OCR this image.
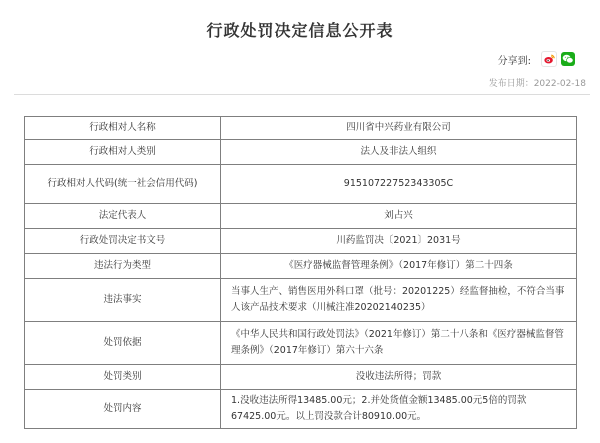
行政处罚决定信息公开表
分享到:
发布日期：2022-02-18
行政相对人名称	四川省中兴药业有限公司
行政相对人类别	法人及非法人组织
行政相对人代码(统一社会信用代码)	91510722752343305C
法定代表人	刘占兴
行政处罚决定书文号	川药监罚决〔2021〕2031号
违法行为类型	《医疗器械监督管理条例》（2017年修订）第二十四条
违法事实	当事人生产、销售医用外科口罩（批号：20201225）经监督抽检，不符合当事人该产品技术要求（川械注准20202140235）
处罚依据	《中华人民共和国行政处罚法》（2021年修订）第二十八条和《医疗器械监督管理条例》（2017年修订）第六十六条
处罚类别	没收违法所得；罚款
处罚内容	1.没收违法所得13485.00元；2.并处货值金额13485.00元5倍的罚款67425.00元。以上罚没款合计80910.00元。
